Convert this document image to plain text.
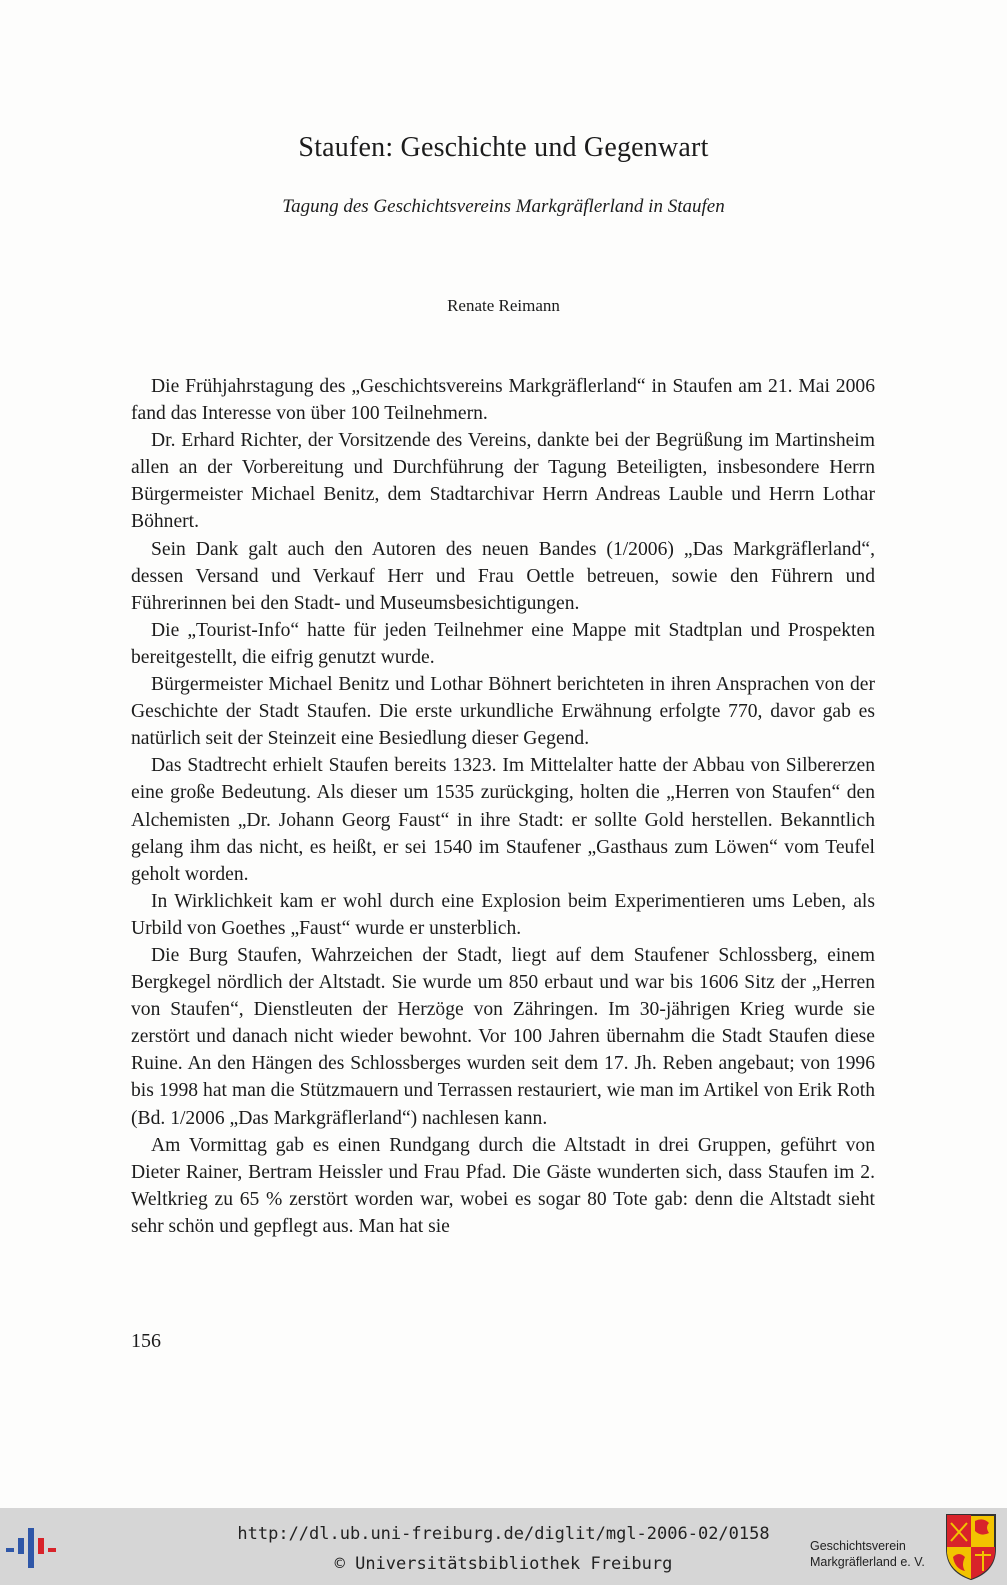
Staufen: Geschichte und Gegenwart
Tagung des Geschichtsvereins Markgräflerland in Staufen
Renate Reimann

Die Frühjahrstagung des „Geschichtsvereins Markgräflerland“ in Staufen am 21. Mai 2006 fand das Interesse von über 100 Teilnehmern.

Dr. Erhard Richter, der Vorsitzende des Vereins, dankte bei der Begrüßung im Martinsheim allen an der Vorbereitung und Durchführung der Tagung Beteiligten, insbesondere Herrn Bürgermeister Michael Benitz, dem Stadtarchivar Herrn Andreas Lauble und Herrn Lothar Böhnert.

Sein Dank galt auch den Autoren des neuen Bandes (1/2006) „Das Markgräflerland“, dessen Versand und Verkauf Herr und Frau Oettle betreuen, sowie den Führern und Führerinnen bei den Stadt- und Museumsbesichtigungen.

Die „Tourist-Info“ hatte für jeden Teilnehmer eine Mappe mit Stadtplan und Prospekten bereitgestellt, die eifrig genutzt wurde.

Bürgermeister Michael Benitz und Lothar Böhnert berichteten in ihren Ansprachen von der Geschichte der Stadt Staufen. Die erste urkundliche Erwähnung erfolgte 770, davor gab es natürlich seit der Steinzeit eine Besiedlung dieser Gegend.

Das Stadtrecht erhielt Staufen bereits 1323. Im Mittelalter hatte der Abbau von Silbererzen eine große Bedeutung. Als dieser um 1535 zurückging, holten die „Herren von Staufen“ den Alchemisten „Dr. Johann Georg Faust“ in ihre Stadt: er sollte Gold herstellen. Bekanntlich gelang ihm das nicht, es heißt, er sei 1540 im Staufener „Gasthaus zum Löwen“ vom Teufel geholt worden.

In Wirklichkeit kam er wohl durch eine Explosion beim Experimentieren ums Leben, als Urbild von Goethes „Faust“ wurde er unsterblich.

Die Burg Staufen, Wahrzeichen der Stadt, liegt auf dem Staufener Schlossberg, einem Bergkegel nördlich der Altstadt. Sie wurde um 850 erbaut und war bis 1606 Sitz der „Herren von Staufen“, Dienstleuten der Herzöge von Zähringen. Im 30-jährigen Krieg wurde sie zerstört und danach nicht wieder bewohnt. Vor 100 Jahren übernahm die Stadt Staufen diese Ruine. An den Hängen des Schlossberges wurden seit dem 17. Jh. Reben angebaut; von 1996 bis 1998 hat man die Stützmauern und Terrassen restauriert, wie man im Artikel von Erik Roth (Bd. 1/2006 „Das Markgräflerland“) nachlesen kann.

Am Vormittag gab es einen Rundgang durch die Altstadt in drei Gruppen, geführt von Dieter Rainer, Bertram Heissler und Frau Pfad. Die Gäste wunderten sich, dass Staufen im 2. Weltkrieg zu 65 % zerstört worden war, wobei es sogar 80 Tote gab: denn die Altstadt sieht sehr schön und gepflegt aus. Man hat sie

156
http://dl.ub.uni-freiburg.de/diglit/mgl-2006-02/0158
© Universitätsbibliothek Freiburg
Geschichtsverein
Markgräflerland e. V.
